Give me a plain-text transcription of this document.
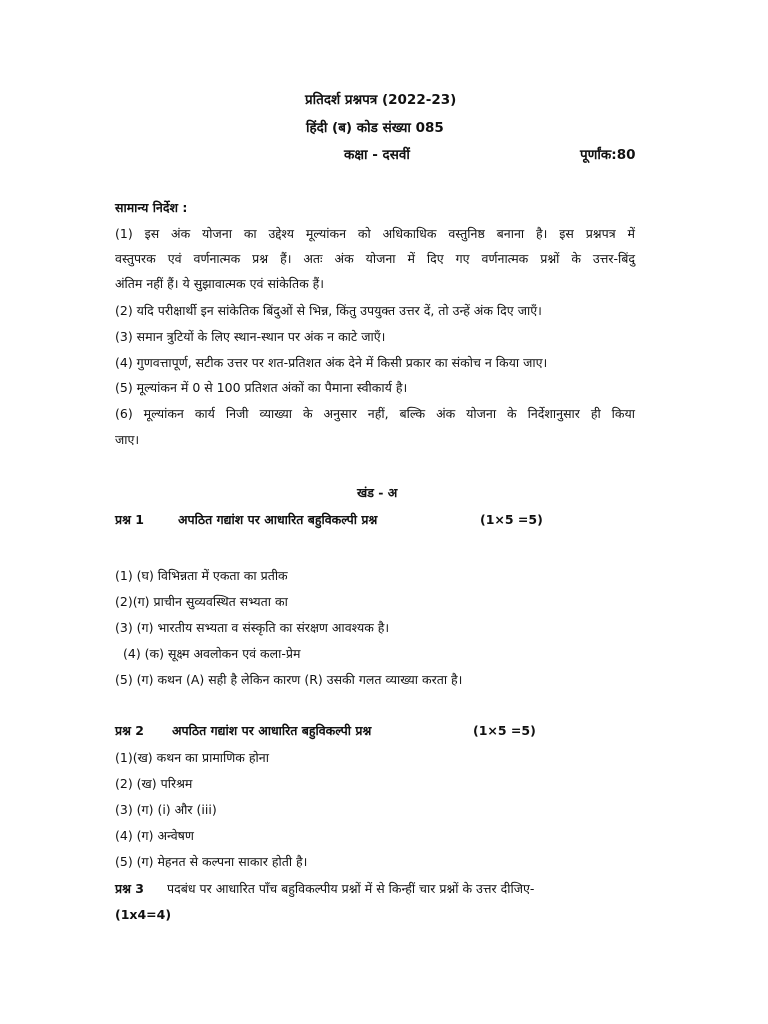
प्रतिदर्श प्रश्नपत्र (2022-23)
हिंदी (ब) कोड संख्या 085
कक्षा - दसवीं	पूर्णांक:80
सामान्य निर्देश :
(1) इस अंक योजना का उद्देश्य मूल्यांकन को अधिकाधिक वस्तुनिष्ठ बनाना है। इस प्रश्नपत्र में
वस्तुपरक एवं वर्णनात्मक प्रश्न हैं। अतः अंक योजना में दिए गए वर्णनात्मक प्रश्नों के उत्तर-बिंदु
अंतिम नहीं हैं। ये सुझावात्मक एवं सांकेतिक हैं।
(2) यदि परीक्षार्थी इन सांकेतिक बिंदुओं से भिन्न, किंतु उपयुक्त उत्तर दें, तो उन्हें अंक दिए जाएँ।
(3) समान त्रुटियों के लिए स्थान-स्थान पर अंक न काटे जाएँ।
(4) गुणवत्तापूर्ण, सटीक उत्तर पर शत-प्रतिशत अंक देने में किसी प्रकार का संकोच न किया जाए।
(5) मूल्यांकन में 0 से 100 प्रतिशत अंकों का पैमाना स्वीकार्य है।
(6) मूल्यांकन कार्य निजी व्याख्या के अनुसार नहीं, बल्कि अंक योजना के निर्देशानुसार ही किया
जाए।
खंड - अ
प्रश्न 1	अपठित गद्यांश पर आधारित बहुविकल्पी प्रश्न	(1×5 =5)
(1) (घ) विभिन्नता में एकता का प्रतीक
(2)(ग) प्राचीन सुव्यवस्थित सभ्यता का
(3) (ग) भारतीय सभ्यता व संस्कृति का संरक्षण आवश्यक है।
(4) (क) सूक्ष्म अवलोकन एवं कला-प्रेम
(5) (ग) कथन (A) सही है लेकिन कारण (R) उसकी गलत व्याख्या करता है।
प्रश्न 2 अपठित गद्यांश पर आधारित बहुविकल्पी प्रश्न	(1×5 =5)
(1)(ख) कथन का प्रामाणिक होना
(2) (ख) परिश्रम
(3) (ग) (i) और (iii)
(4) (ग) अन्वेषण
(5) (ग) मेहनत से कल्पना साकार होती है।
प्रश्न 3 पदबंध पर आधारित पाँच बहुविकल्पीय प्रश्नों में से किन्हीं चार प्रश्नों के उत्तर दीजिए-
(1x4=4)
